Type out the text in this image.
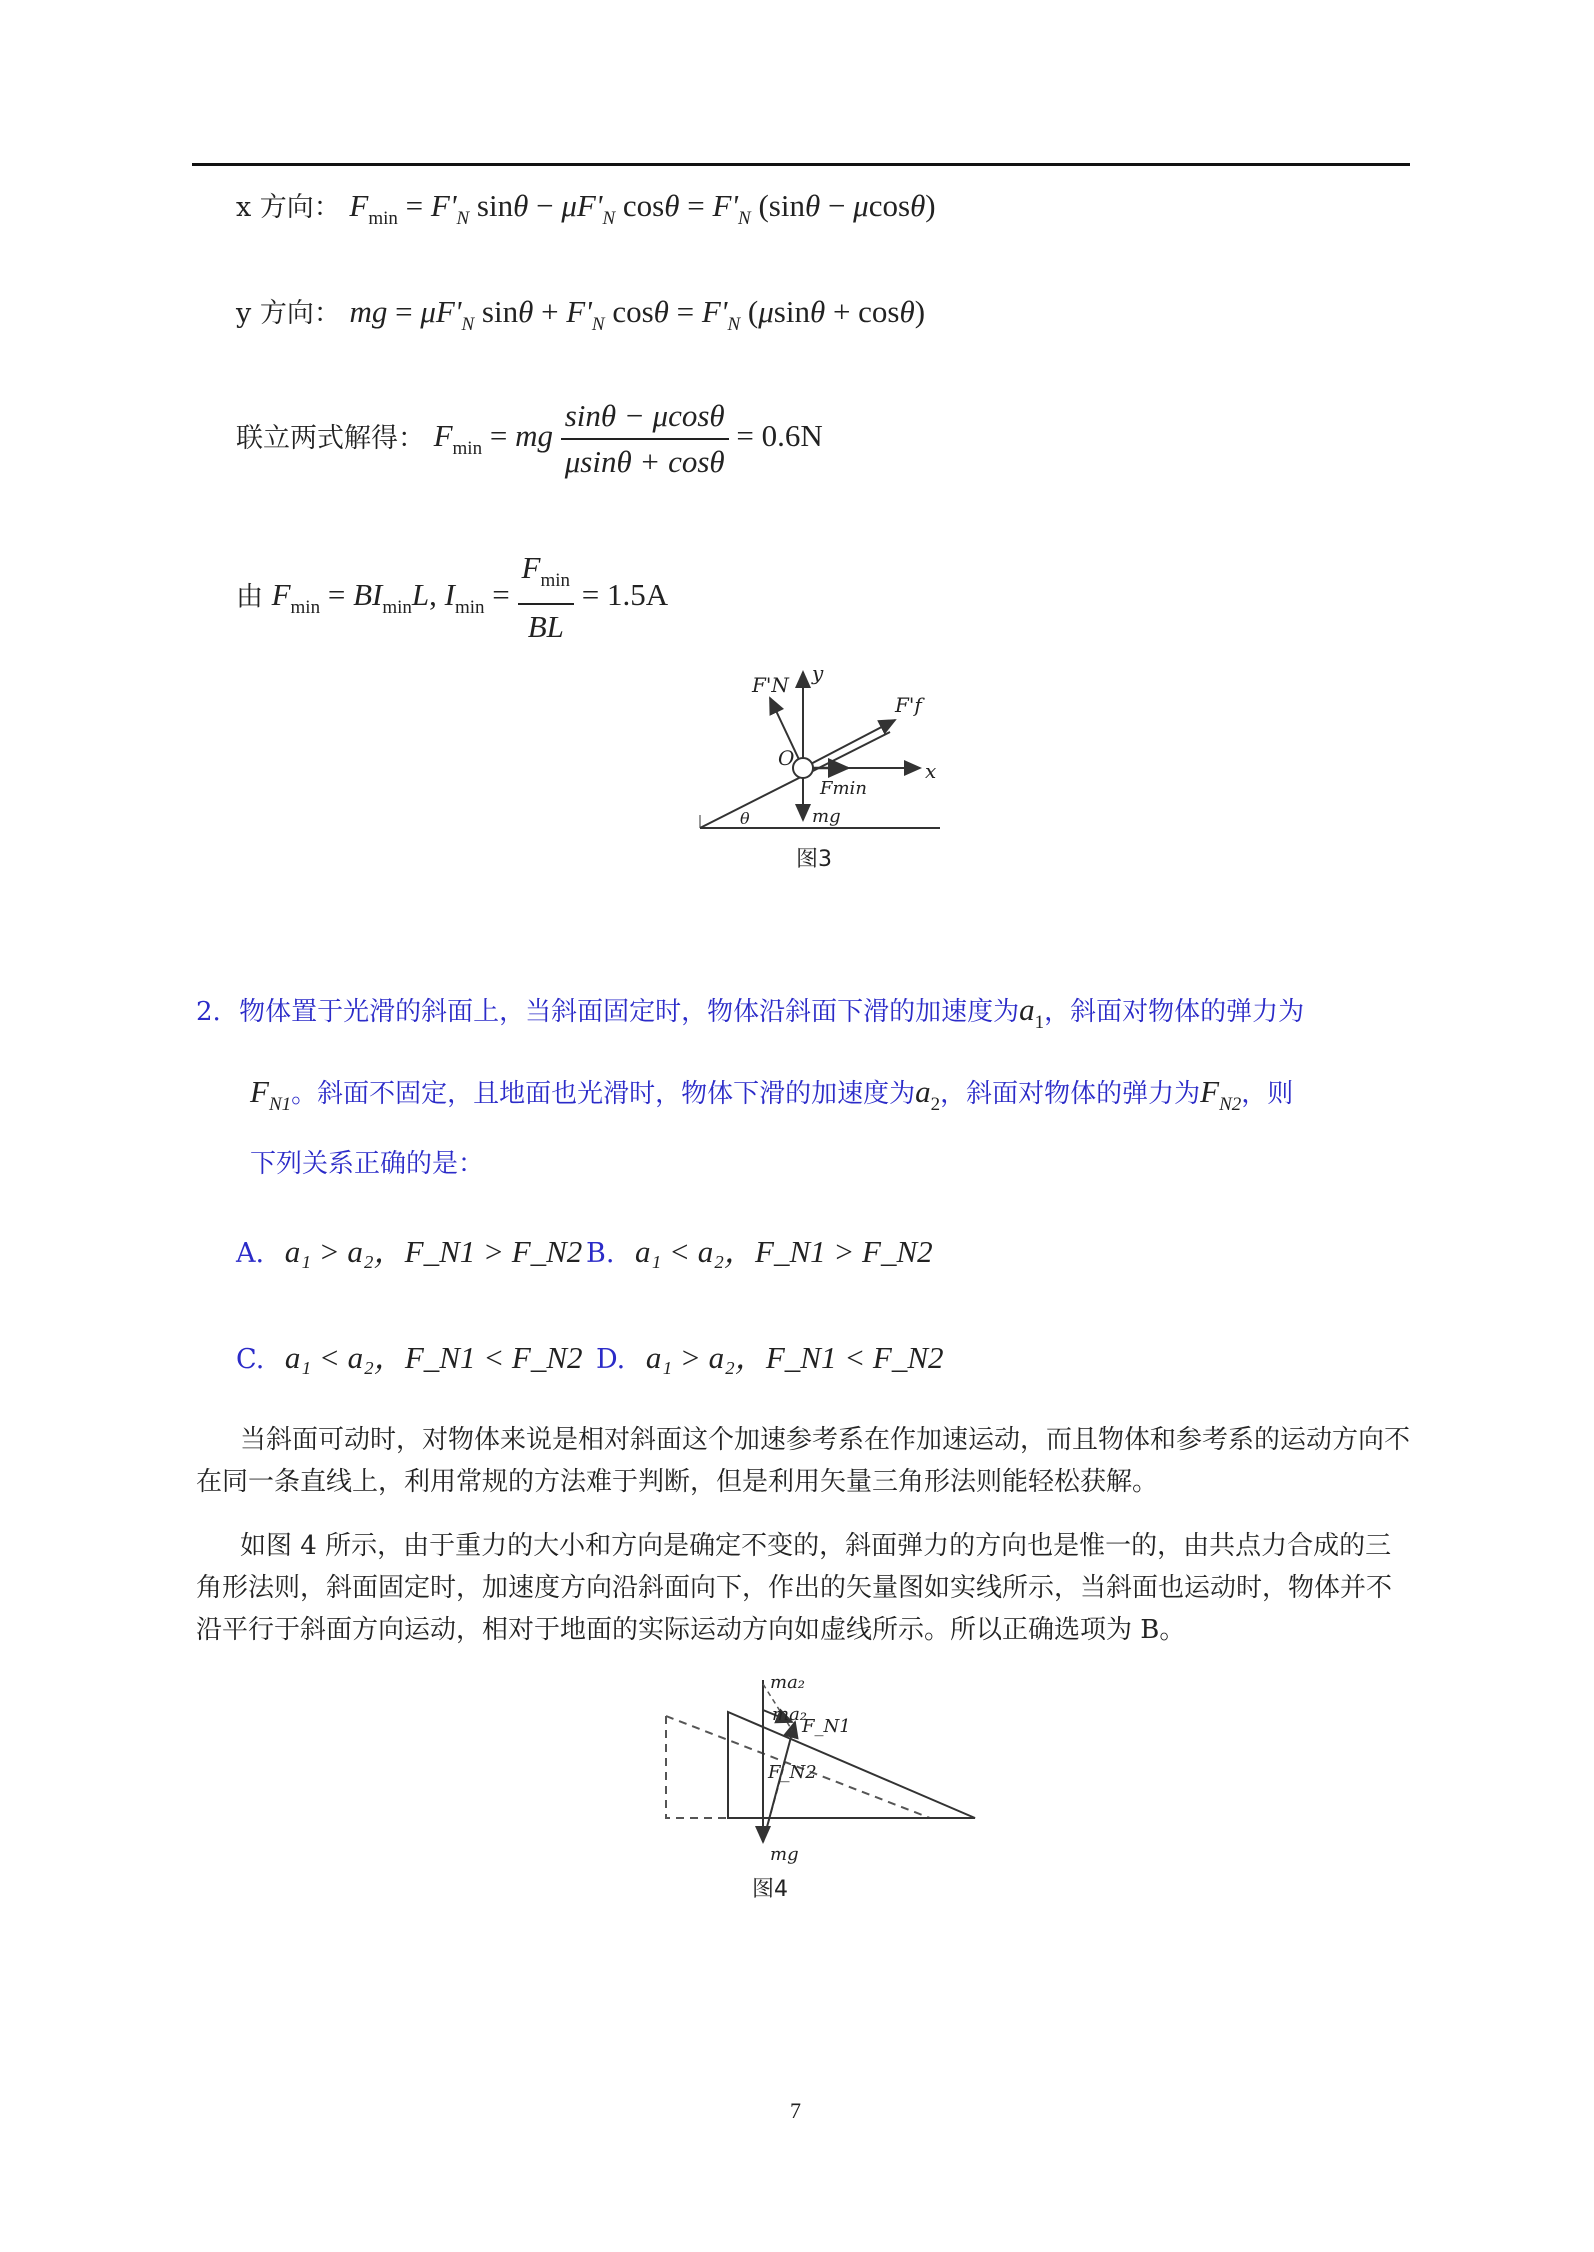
x 方向： $F_{min} = F'_N$ $\sin\theta - \mu F'_N$ $\cos\theta = F'_N$ (sinθ − μcosθ)
y 方向： mg = $\mu F'_N$ $\sin\theta + F'_N$ $\cos\theta = F'_N$ (μsinθ + cosθ)
联立两式解得： $F_{min}$ = mg $\frac{\sin\theta - \mu\cos\theta}{\mu\sin\theta + \cos\theta} = 0.6N$
由 $F_{min} = BI_{min}L$, $I_{min} = \frac{F_{min}}{BL} = 1.5A$
F'N y
F'f
O
x
Fmin
mg
θ
图3
2. 物体置于光滑的斜面上，当斜面固定时，物体沿斜面下滑的加速度为$a_1$，斜面对物体的弹力为
$F_{N1}$。斜面不固定，且地面也光滑时，物体下滑的加速度为$a_2$，斜面对物体的弹力为$F_{N2}$，则
下列关系正确的是：
A. a₁ > a₂，F_N1 > F_N2 B. a₁ < a₂，F_N1 > F_N2
C. a₁ < a₂，F_N1 < F_N2 D. a₁ > a₂，F_N1 < F_N2
当斜面可动时，对物体来说是相对斜面这个加速参考系在作加速运动，而且物体和参考系的运动方向不在同一条直线上，利用常规的方法难于判断，但是利用矢量三角形法则能轻松获解。
如图 4 所示，由于重力的大小和方向是确定不变的，斜面弹力的方向也是惟一的，由共点力合成的三角形法则，斜面固定时，加速度方向沿斜面向下，作出的矢量图如实线所示，当斜面也运动时，物体并不沿平行于斜面方向运动，相对于地面的实际运动方向如虚线所示。所以正确选项为 B。
ma₂
ma₂
F_N1
F_N2
mg
图4
7
